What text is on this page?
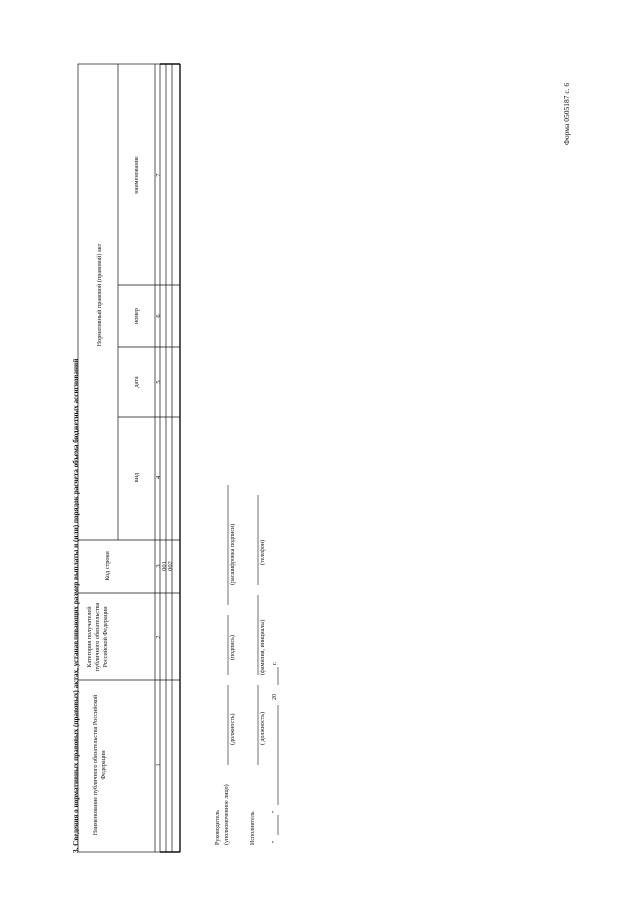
Форма 0505187 с. 6
3. Сведения о нормативных правовых (правовых) актах, устанавливающих размер выплаты и (или) порядок расчета объема бюджетных ассигнований Наименование публичного обязательства Российской Федерации
Категория получателей публичного обязательства Российской Федерации
Код строки
Нормативный правовой (правовой) акт
вид
дата
номер
наименование
1
2
3
4
5
6
7
001 002
Руководитель (уполномоченное лицо)
(должность)
(подпись)
(расшифровка подписи)
Исполнитель
( должность)
(фамилия, инициалы)
(телефон)
"
"
20
г.
